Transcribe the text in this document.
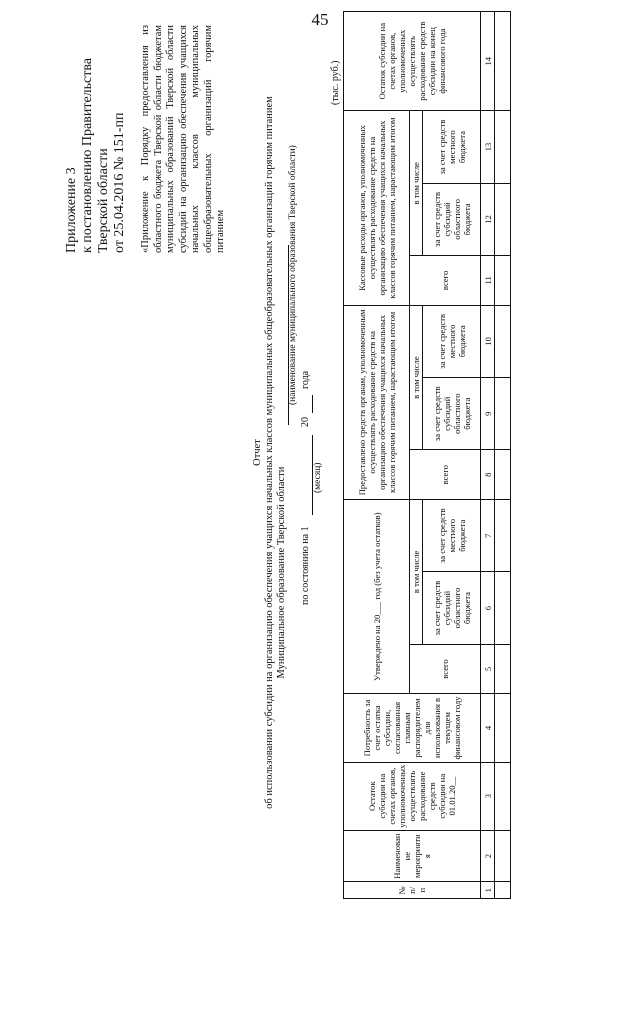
45
Приложение 3 к постановлению Правительства Тверской области от 25.04.2016 № 151-пп «Приложение к Порядку предоставления из областного бюджета Тверской области бюджетам муниципальных образований Тверской области субсидий на организацию обеспечения учащихся начальных классов муниципальных общеобразовательных организаций горячим питанием
Отчет об использовании субсидии на организацию обеспечения учащихся начальных классов муниципальных общеобразовательных организаций горячим питанием Муниципальное образование Тверской области
(наименование муниципального образования Тверской области)
по состоянию на 1
20
года
(месяц)
(тыс. руб.)
№ п/п	Наименование мероприятия	Остаток субсидии на счетах органов, уполномоченных осуществлять расходование средств субсидии на 01.01.20__	Потребность за счет остатка субсидии, согласованная главным распорядителем для использования в текущем финансовом году	Утверждено на 20___ год (без учета остатков)			Предоставлено средств органам, уполномоченным осуществлять расходование средств на организацию обеспечения учащихся начальных классов горячим питанием, нарастающим итогом			Кассовые расходы органов, уполномоченных осуществлять расходование средств на организацию обеспечения учащихся начальных классов горячим питанием, нарастающим итогом			Остаток субсидии на счетах органов, уполномоченных осуществлять расходование средств субсидии на конец финансового года
				всего	в том числе		всего	в том числе		всего	в том числе		
					за счет средств субсидий областного бюджета	за счет средств местного бюджета		за счет средств субсидий областного бюджета	за счет средств местного бюджета		за счет средств субсидий областного бюджета	за счет средств местного бюджета	
1	2	3	4	5	6	7	8	9	10	11	12	13	14
